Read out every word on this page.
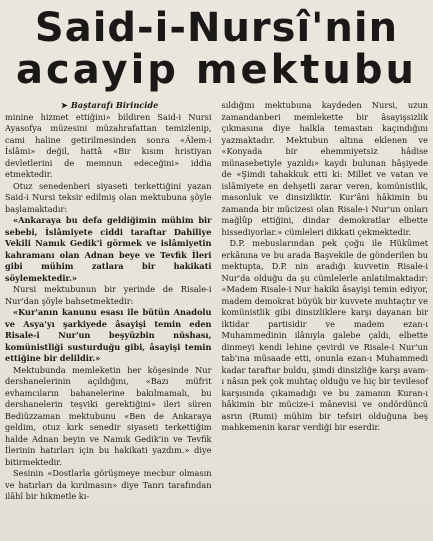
Said-i-Nursî'nin
acayip mektubu

➤ Baştarafı Birincide

minine hizmet ettiğini» bildiren Said-i Nursi Ayasofya müzesini müzahrafattan temizlenip, cami haline getirilmesinden sonra «Âlem-i İslâmi» değil, hattâ «Bir kısım hristiyan devletlerini de memnun edeceğini» iddia etmektedir.

Otuz senedenberi siyaseti terkettiğini yazan Said-i Nursi teksir edilmiş olan mektubuna şöyle başlamaktadır:

«Ankaraya bu defa geldiğimin mühim bir sebebi, İslâmiyete ciddi taraftar Dahiliye Vekili Namık Gedik'i görmek ve islâmiyetin kahramanı olan Adnan beye ve Tevfik İleri gibi mühim zatlara bir hakikati söylemektedir.»

Nursi mektubunun bir yerinde de Risale-i Nur'dan şöyle bahsetmektedir:

«Kur'anın kanunu esası ile bütün Anadolu ve Asya'yı şarkiyede âsayişi temin eden Risale-i Nur'un beşyüzbin nüshası, komünistliği susturduğu gibi, âsayişi temin ettiğine bir delildir.»

Mektubunda memleketin her köşesinde Nur dershanelerinin açıldığını, «Bazı müfrit evhamcıların bahanelerine bakılmamalı, bu dershanelerin teşviki gerektiğini» ileri süren Bediüzzaman mektubunu «Ben de Ankaraya geldim, otuz kırk senedir siyaseti terkettiğim halde Adnan beyin ve Namık Gedik'in ve Tevfik İlerinin hatırları için bu hakikati yazdım.» diye bitirmektedir.

Sesinin «Dostlarla görüşmeye mecbur olmasın ve hatırları da kırılmasın» diye Tanrı tarafından ilâhî bir hikmetle kı-

sıldığını mektubuna kaydeden Nursi, uzun zamandanberi memlekette bir âsayişsizlik çıkmasına diye halkla temastan kaçındığını yazmaktadır. Mektubun altına eklenen ve «Konyada bir ehemmiyetsiz hâdise münasebetiyle yazıldı» kaydı bulunan hâşiyede de «Şimdi tahakkuk etti ki: Millet ve vatan ve islâmiyete en dehşetli zarar veren, komünistlik, masonluk ve dinsizliktir. Kur'âni hâkimin bu zamanda bir mücizesi olan Risale-i Nur'un onları mağlûp ettiğini, dindar demokratlar elbette hissediyorlar.» cümleleri dikkati çekmektedir.

D.P. mebuslarından pek çoğu ile Hükûmet erkânına ve bu arada Başvekile de gönderilen bu mektupta, D.P. nin aradığı kuvvetin Risale-i Nur'da olduğu da şu cümlelerle anlatılmaktadır: «Madem Risale-i Nur hakiki âsayişi temin ediyor, madem demokrat büyük bir kuvvete muhtaçtır ve komünistlik gibi dinsizliklere karşı dayanan bir iktidar partisidir ve madem ezan-ı Muhammedinin ilânıyla galebe çaldı, elbette dinmeyi kendi lehine çevirdi ve Risale-i Nur'un tab'ına müsaade etti, onunla ezan-ı Muhammedi kadar taraftar buldu, şimdi dinsizliğe karşı avam-ı nâsın pek çok muhtaç olduğu ve hiç bir tevilesof karşısında çıkamadığı ve bu zamanın Kuran-ı hâkimin bir mücize-i mânevisi ve ondördüncü asrın (Rumi) mühim bir tefsiri olduğuna beş mahkemenin karar verdiği bir eserdir.
